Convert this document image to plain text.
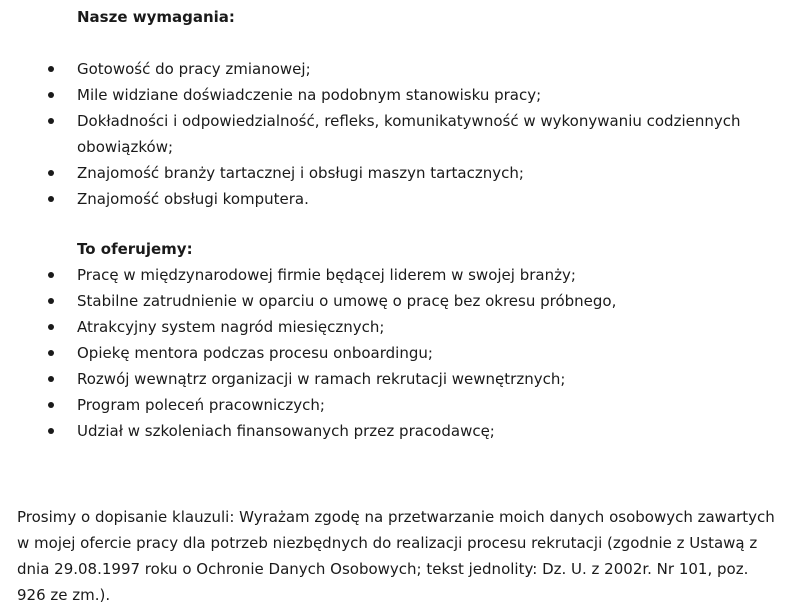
Nasze wymagania:
Gotowość do pracy zmianowej;
Mile widziane doświadczenie na podobnym stanowisku pracy;
Dokładności i odpowiedzialność, refleks, komunikatywność w wykonywaniu codziennych obowiązków;
Znajomość branży tartacznej i obsługi maszyn tartacznych;
Znajomość obsługi komputera.
To oferujemy:
Pracę w międzynarodowej firmie będącej liderem w swojej branży;
Stabilne zatrudnienie w oparciu o umowę o pracę bez okresu próbnego,
Atrakcyjny system nagród miesięcznych;
Opiekę mentora podczas procesu onboardingu;
Rozwój wewnątrz organizacji w ramach rekrutacji wewnętrznych;
Program poleceń pracowniczych;
Udział w szkoleniach finansowanych przez pracodawcę;

Prosimy o dopisanie klauzuli: Wyrażam zgodę na przetwarzanie moich danych osobowych zawartych w mojej ofercie pracy dla potrzeb niezbędnych do realizacji procesu rekrutacji (zgodnie z Ustawą z dnia 29.08.1997 roku o Ochronie Danych Osobowych; tekst jednolity: Dz. U. z 2002r. Nr 101, poz. 926 ze zm.).
